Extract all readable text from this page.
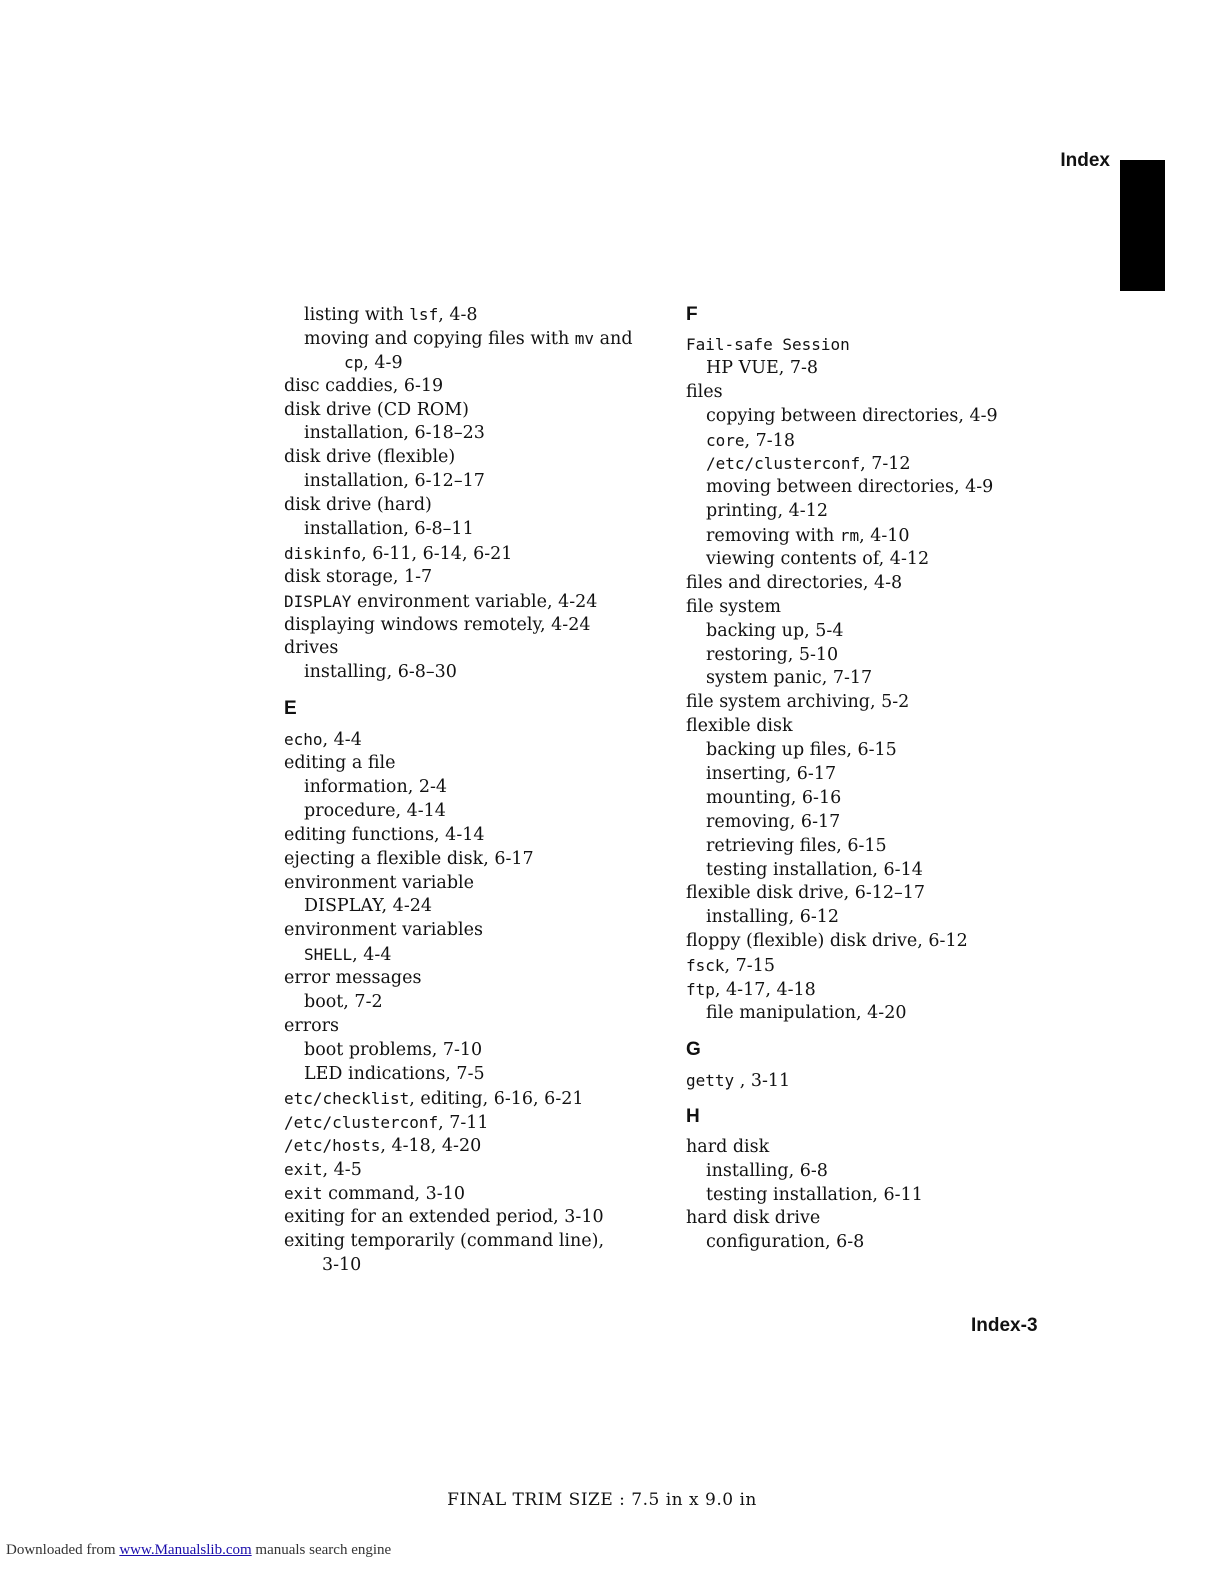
Index
listing with lsf, 4-8
moving and copying files with mv and
cp, 4-9
disc caddies, 6-19
disk drive (CD ROM)
installation, 6-18–23
disk drive (flexible)
installation, 6-12–17
disk drive (hard)
installation, 6-8–11
diskinfo, 6-11, 6-14, 6-21
disk storage, 1-7
DISPLAY environment variable, 4-24
displaying windows remotely, 4-24
drives
installing, 6-8–30
E
echo, 4-4
editing a file
information, 2-4
procedure, 4-14
editing functions, 4-14
ejecting a flexible disk, 6-17
environment variable
DISPLAY, 4-24
environment variables
SHELL, 4-4
error messages
boot, 7-2
errors
boot problems, 7-10
LED indications, 7-5
etc/checklist, editing, 6-16, 6-21
/etc/clusterconf, 7-11
/etc/hosts, 4-18, 4-20
exit, 4-5
exit command, 3-10
exiting for an extended period, 3-10
exiting temporarily (command line),
3-10
F
Fail-safe Session
HP VUE, 7-8
files
copying between directories, 4-9
core, 7-18
/etc/clusterconf, 7-12
moving between directories, 4-9
printing, 4-12
removing with rm, 4-10
viewing contents of, 4-12
files and directories, 4-8
file system
backing up, 5-4
restoring, 5-10
system panic, 7-17
file system archiving, 5-2
flexible disk
backing up files, 6-15
inserting, 6-17
mounting, 6-16
removing, 6-17
retrieving files, 6-15
testing installation, 6-14
flexible disk drive, 6-12–17
installing, 6-12
floppy (flexible) disk drive, 6-12
fsck, 7-15
ftp, 4-17, 4-18
file manipulation, 4-20
G
getty , 3-11
H
hard disk
installing, 6-8
testing installation, 6-11
hard disk drive
configuration, 6-8
Index-3
FINAL TRIM SIZE : 7.5 in x 9.0 in
Downloaded from www.Manualslib.com manuals search engine
